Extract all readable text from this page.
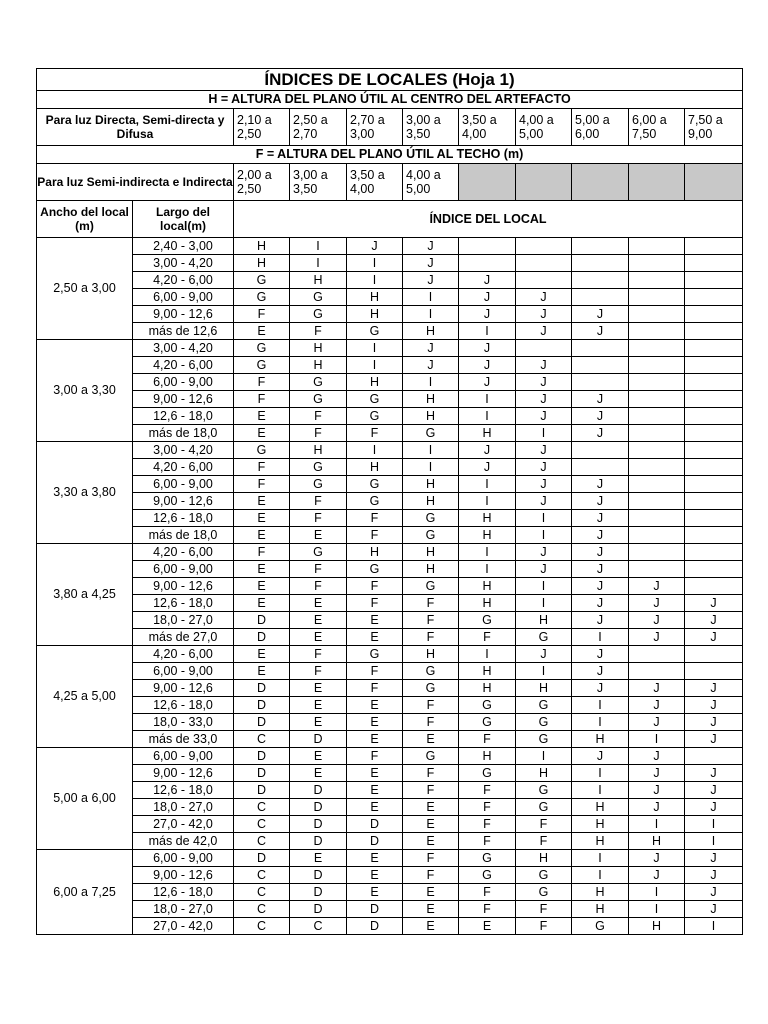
ÍNDICES DE LOCALES (Hoja 1)										
H = ALTURA DEL PLANO ÚTIL AL CENTRO DEL ARTEFACTO										
Para luz Directa, Semi-directa y Difusa		2,10 a 2,50	2,50 a 2,70	2,70 a 3,00	3,00 a 3,50	3,50 a 4,00	4,00 a 5,00	5,00 a 6,00	6,00 a 7,50	7,50 a 9,00
F = ALTURA DEL PLANO ÚTIL AL TECHO (m)										
Para luz Semi-indirecta e Indirecta		2,00 a 2,50	3,00 a 3,50	3,50 a 4,00	4,00 a 5,00					
Ancho del local (m)	Largo del local(m)	ÍNDICE DEL LOCAL								
2,50 a 3,00	2,40 - 3,00	H	I	J	J					
	3,00 - 4,20	H	I	I	J					
	4,20 - 6,00	G	H	I	J	J				
	6,00 - 9,00	G	G	H	I	J	J			
	9,00 - 12,6	F	G	H	I	J	J	J		
	más de 12,6	E	F	G	H	I	J	J		
3,00 a 3,30	3,00 - 4,20	G	H	I	J	J				
	4,20 - 6,00	G	H	I	J	J	J			
	6,00 - 9,00	F	G	H	I	J	J			
	9,00 - 12,6	F	G	G	H	I	J	J		
	12,6 - 18,0	E	F	G	H	I	J	J		
	más de 18,0	E	F	F	G	H	I	J		
3,30 a 3,80	3,00 - 4,20	G	H	I	I	J	J			
	4,20 - 6,00	F	G	H	I	J	J			
	6,00 - 9,00	F	G	G	H	I	J	J		
	9,00 - 12,6	E	F	G	H	I	J	J		
	12,6 - 18,0	E	F	F	G	H	I	J		
	más de 18,0	E	E	F	G	H	I	J		
3,80 a 4,25	4,20 - 6,00	F	G	H	H	I	J	J		
	6,00 - 9,00	E	F	G	H	I	J	J		
	9,00 - 12,6	E	F	F	G	H	I	J	J	
	12,6 - 18,0	E	E	F	F	H	I	J	J	J
	18,0 - 27,0	D	E	E	F	G	H	J	J	J
	más de 27,0	D	E	E	F	F	G	I	J	J
4,25 a 5,00	4,20 - 6,00	E	F	G	H	I	J	J		
	6,00 - 9,00	E	F	F	G	H	I	J		
	9,00 - 12,6	D	E	F	G	H	H	J	J	J
	12,6 - 18,0	D	E	E	F	G	G	I	J	J
	18,0 - 33,0	D	E	E	F	G	G	I	J	J
	más de 33,0	C	D	E	E	F	G	H	I	J
5,00 a 6,00	6,00 - 9,00	D	E	F	G	H	I	J	J	
	9,00 - 12,6	D	E	E	F	G	H	I	J	J
	12,6 - 18,0	D	D	E	F	F	G	I	J	J
	18,0 - 27,0	C	D	E	E	F	G	H	J	J
	27,0 - 42,0	C	D	D	E	F	F	H	I	I
	más de 42,0	C	D	D	E	F	F	H	H	I
6,00 a 7,25	6,00 - 9,00	D	E	E	F	G	H	I	J	J
	9,00 - 12,6	C	D	E	F	G	G	I	J	J
	12,6 - 18,0	C	D	E	E	F	G	H	I	J
	18,0 - 27,0	C	D	D	E	F	F	H	I	J
	27,0 - 42,0	C	C	D	E	E	F	G	H	I
